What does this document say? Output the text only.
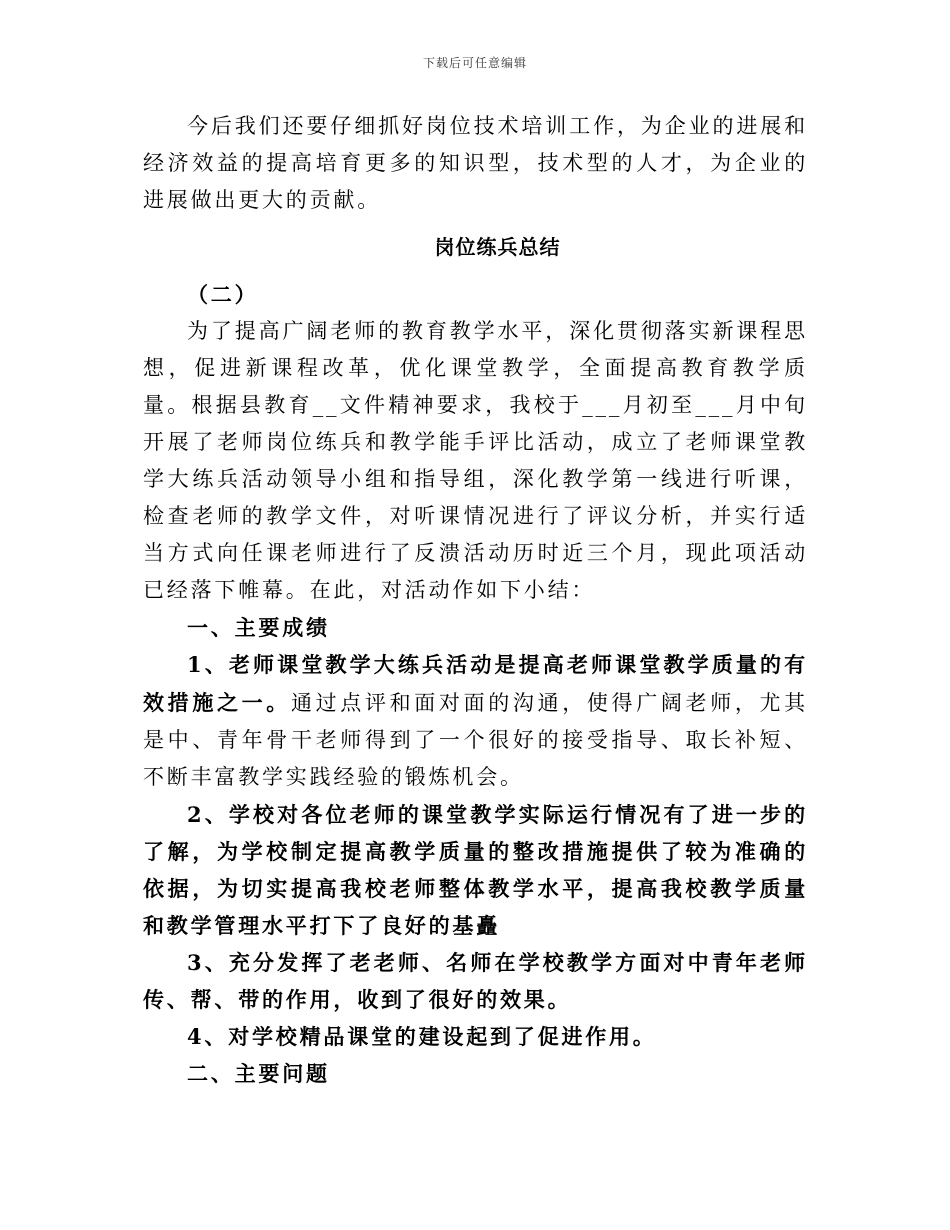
下载后可任意编辑

今后我们还要仔细抓好岗位技术培训工作，为企业的进展和经济效益的提高培育更多的知识型，技术型的人才，为企业的进展做出更大的贡献。

岗位练兵总结

（二）

为了提高广阔老师的教育教学水平，深化贯彻落实新课程思想，促进新课程改革，优化课堂教学，全面提高教育教学质量。根据县教育__文件精神要求，我校于___月初至___月中旬开展了老师岗位练兵和教学能手评比活动，成立了老师课堂教学大练兵活动领导小组和指导组，深化教学第一线进行听课，检查老师的教学文件，对听课情况进行了评议分析，并实行适当方式向任课老师进行了反溃活动历时近三个月，现此项活动已经落下帷幕。在此，对活动作如下小结：

一、主要成绩

1、老师课堂教学大练兵活动是提高老师课堂教学质量的有效措施之一。通过点评和面对面的沟通，使得广阔老师，尤其是中、青年骨干老师得到了一个很好的接受指导、取长补短、不断丰富教学实践经验的锻炼机会。

2、学校对各位老师的课堂教学实际运行情况有了进一步的了解，为学校制定提高教学质量的整改措施提供了较为准确的依据，为切实提高我校老师整体教学水平，提高我校教学质量和教学管理水平打下了良好的基矗

3、充分发挥了老老师、名师在学校教学方面对中青年老师传、帮、带的作用，收到了很好的效果。

4、对学校精品课堂的建设起到了促进作用。

二、主要问题
